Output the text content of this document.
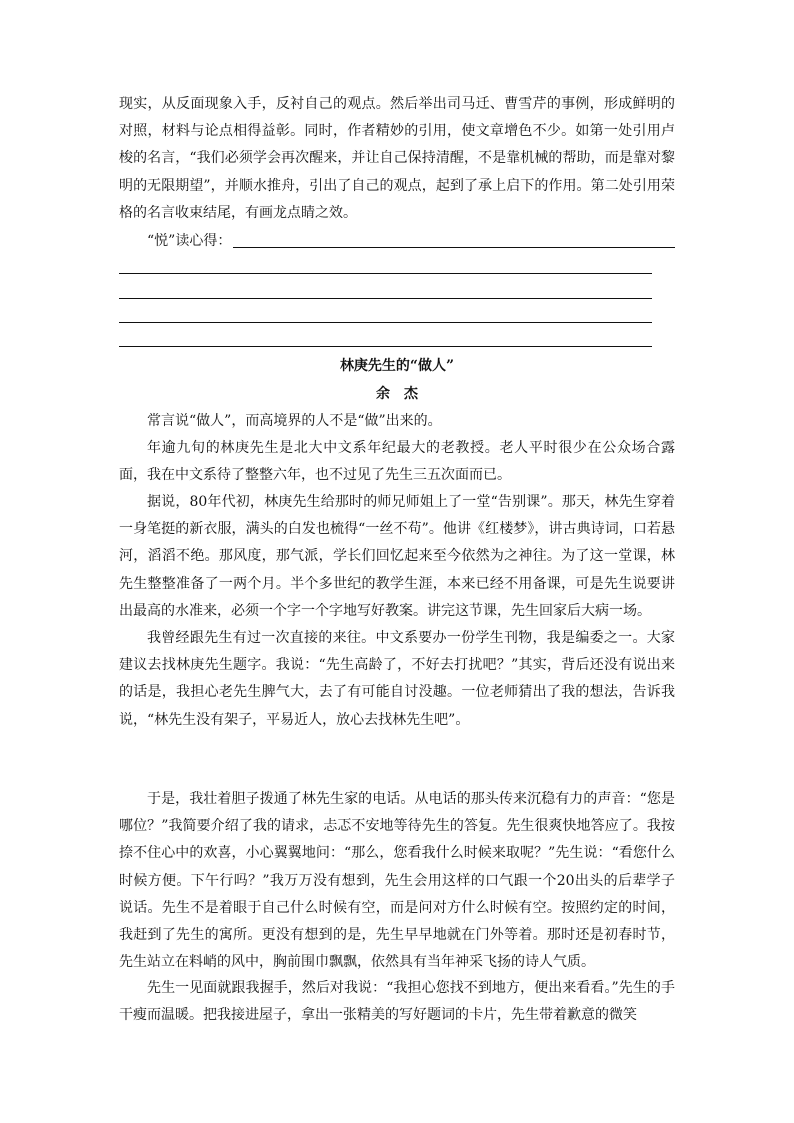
现实，从反面现象入手，反衬自己的观点。然后举出司马迁、曹雪芹的事例，形成鲜明的对照，材料与论点相得益彰。同时，作者精妙的引用，使文章增色不少。如第一处引用卢梭的名言，“我们必须学会再次醒来，并让自己保持清醒，不是靠机械的帮助，而是靠对黎明的无限期望”，并顺水推舟，引出了自己的观点，起到了承上启下的作用。第二处引用荣格的名言收束结尾，有画龙点睛之效。

“悦”读心得：
林庚先生的“做人”
余杰

常言说“做人”，而高境界的人不是“做”出来的。

年逾九旬的林庚先生是北大中文系年纪最大的老教授。老人平时很少在公众场合露面，我在中文系待了整整六年，也不过见了先生三五次面而已。

据说，80年代初，林庚先生给那时的师兄师姐上了一堂“告别课”。那天，林先生穿着一身笔挺的新衣服，满头的白发也梳得“一丝不苟”。他讲《红楼梦》，讲古典诗词，口若悬河，滔滔不绝。那风度，那气派，学长们回忆起来至今依然为之神往。为了这一堂课，林先生整整准备了一两个月。半个多世纪的教学生涯，本来已经不用备课，可是先生说要讲出最高的水准来，必须一个字一个字地写好教案。讲完这节课，先生回家后大病一场。

我曾经跟先生有过一次直接的来往。中文系要办一份学生刊物，我是编委之一。大家建议去找林庚先生题字。我说：“先生高龄了，不好去打扰吧？”其实，背后还没有说出来的话是，我担心老先生脾气大，去了有可能自讨没趣。一位老师猜出了我的想法，告诉我说，“林先生没有架子，平易近人，放心去找林先生吧”。

于是，我壮着胆子拨通了林先生家的电话。从电话的那头传来沉稳有力的声音：“您是哪位？”我简要介绍了我的请求，忐忑不安地等待先生的答复。先生很爽快地答应了。我按捺不住心中的欢喜，小心翼翼地问：“那么，您看我什么时候来取呢？”先生说：“看您什么时候方便。下午行吗？”我万万没有想到，先生会用这样的口气跟一个20出头的后辈学子说话。先生不是着眼于自己什么时候有空，而是问对方什么时候有空。按照约定的时间，我赶到了先生的寓所。更没有想到的是，先生早早地就在门外等着。那时还是初春时节，先生站立在料峭的风中，胸前围巾飘飘，依然具有当年神采飞扬的诗人气质。

先生一见面就跟我握手，然后对我说：“我担心您找不到地方，便出来看看。”先生的手干瘦而温暖。把我接进屋子，拿出一张精美的写好题词的卡片，先生带着歉意的微笑
